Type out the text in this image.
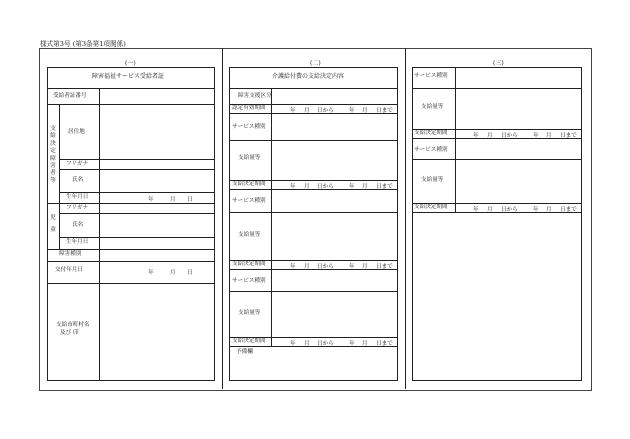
様式第3号 (第3条第1項関係)
(一)	(二)	(三)
障害福祉サービス受給者証
受給者証番号
支給決定障害者等
居住地
フリガナ
氏名
生年月日	年	月 日
児童
フリガナ
氏名
生年月日
障害種別
交付年月日	年	月 日
支給市町村名
及び 印
介護給付費の支給決定内容
障害支援区分
認定有効期間	年 月 日から	年 月 日まで
サービス種別
支給量等
支給決定期間	年 月 日から	年 月 日まで
サービス種別
支給量等
支給決定期間	年 月 日から	年 月 日まで
サービス種別
支給量等
支給決定期間	年 月 日から	年 月 日まで
予備欄
サービス種別
支給量等
支給決定期間	年 月 日から	年 月 日まで
サービス種別
支給量等
支給決定期間	年 月 日から	年 月 日まで
